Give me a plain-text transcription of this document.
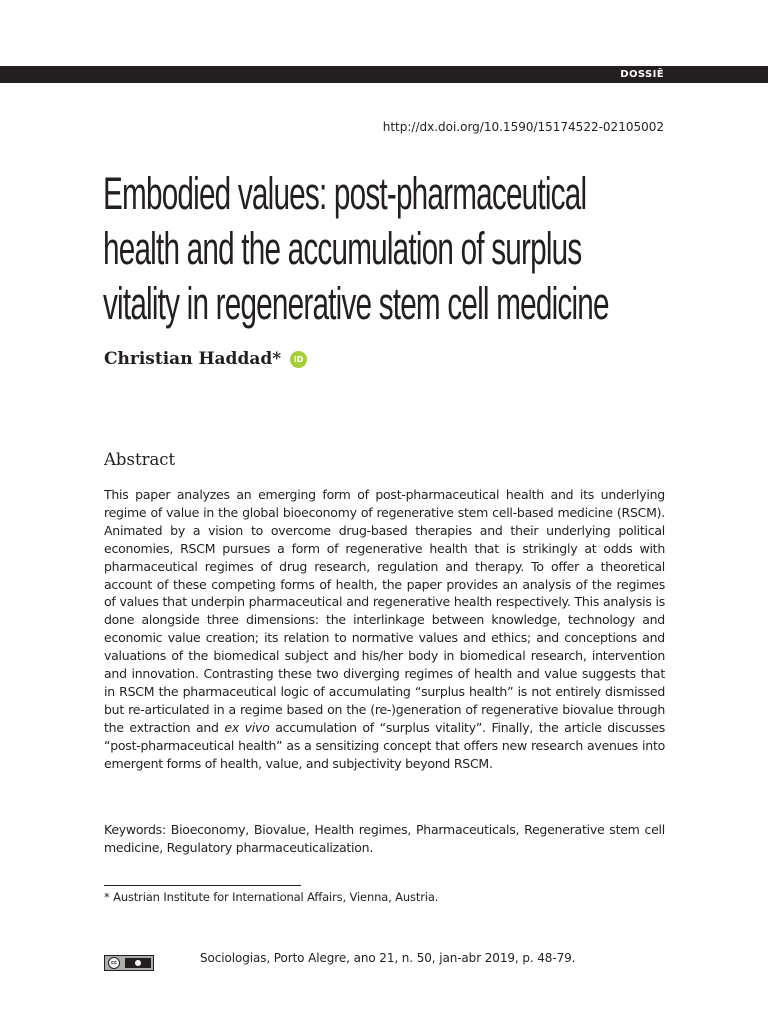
DOSSIÊ
http://dx.doi.org/10.1590/15174522-02105002
Embodied values: post-pharmaceutical
health and the accumulation of surplus
vitality in regenerative stem cell medicine
Christian Haddad*	iD
Abstract

This paper analyzes an emerging form of post-pharmaceutical health and its underlying regime of value in the global bioeconomy of regenerative stem cell-based medicine (RSCM). Animated by a vision to overcome drug-based therapies and their underlying political economies, RSCM pursues a form of regenerative health that is strikingly at odds with pharmaceutical regimes of drug research, regulation and therapy. To offer a theoretical account of these competing forms of health, the paper provides an analysis of the regimes of values that underpin pharmaceutical and regenerative health respectively. This analysis is done alongside three dimensions: the interlinkage between knowledge, technology and economic value creation; its relation to normative values and ethics; and conceptions and valuations of the biomedical subject and his/her body in biomedical research, intervention and innovation. Contrasting these two diverging regimes of health and value suggests that in RSCM the pharmaceutical logic of accumulating “surplus health” is not entirely dismissed but re-articulated in a regime based on the (re-)generation of regenerative biovalue through the extraction and ex vivo accumulation of “surplus vitality”. Finally, the article discusses “post-pharmaceutical health” as a sensitizing concept that offers new research avenues into emergent forms of health, value, and subjectivity beyond RSCM.

Keywords: Bioeconomy, Biovalue, Health regimes, Pharmaceuticals, Regenerative stem cell medicine, Regulatory pharmaceuticalization.

* Austrian Institute for International Affairs, Vienna, Austria.
cc	Sociologias, Porto Alegre, ano 21, n. 50, jan-abr 2019, p. 48-79.
